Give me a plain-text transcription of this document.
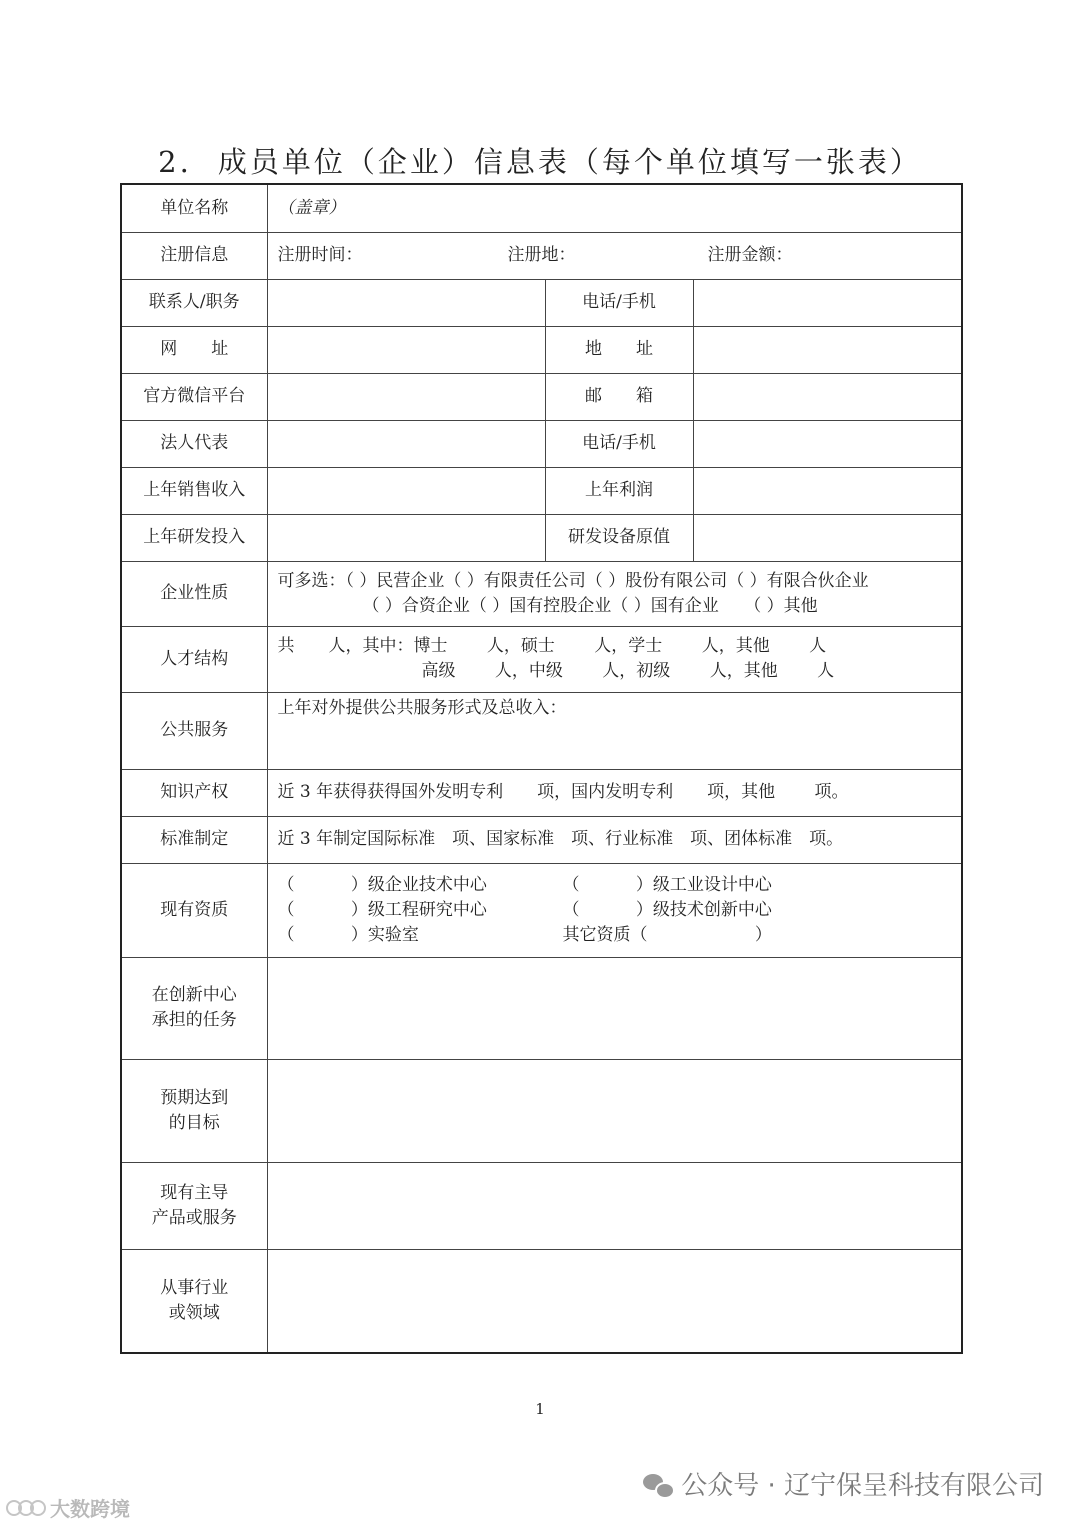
2. 成员单位（企业）信息表（每个单位填写一张表）
单位名称	（盖章）		
注册信息	注册时间： 注册地： 注册金额：		

联系人/职务		电话/手机	
网　　址		地　　址	
官方微信平台		邮　　箱	
法人代表		电话/手机	
上年销售收入		上年利润	
上年研发投入		研发设备原值	
企业性质	可多选：（ ）民营企业（ ）有限责任公司（ ）股份有限公司（ ）有限合伙企业
（ ）合资企业（ ）国有控股企业（ ）国有企业　　（ ）其他		

人才结构	共　　人，其中：博士　　 人，硕士　　 人，学士　　 人，其他　　 人
高级　　 人，中级　　 人，初级　　 人，其他　　 人		

公共服务	上年对外提供公共服务形式及总收入：		
知识产权	近 3 年获得获得国外发明专利　　项，国内发明专利　　项，其他　　 项。		
标准制定	近 3 年制定国际标准　项、国家标准　项、行业标准　项、团体标准　项。		
现有资质	（　　　 ）级企业技术中心 （　　　 ）级工业设计中心
（　　　 ）级工程研究中心 （　　　 ）级技术创新中心
（　　　 ）实验室 其它资质（　　　　　　 ）		

在创新中心
承担的任务			

预期达到
的目标			

现有主导
产品或服务			

从事行业
或领域			

1
公众号 · 辽宁保呈科技有限公司
大数跨境
